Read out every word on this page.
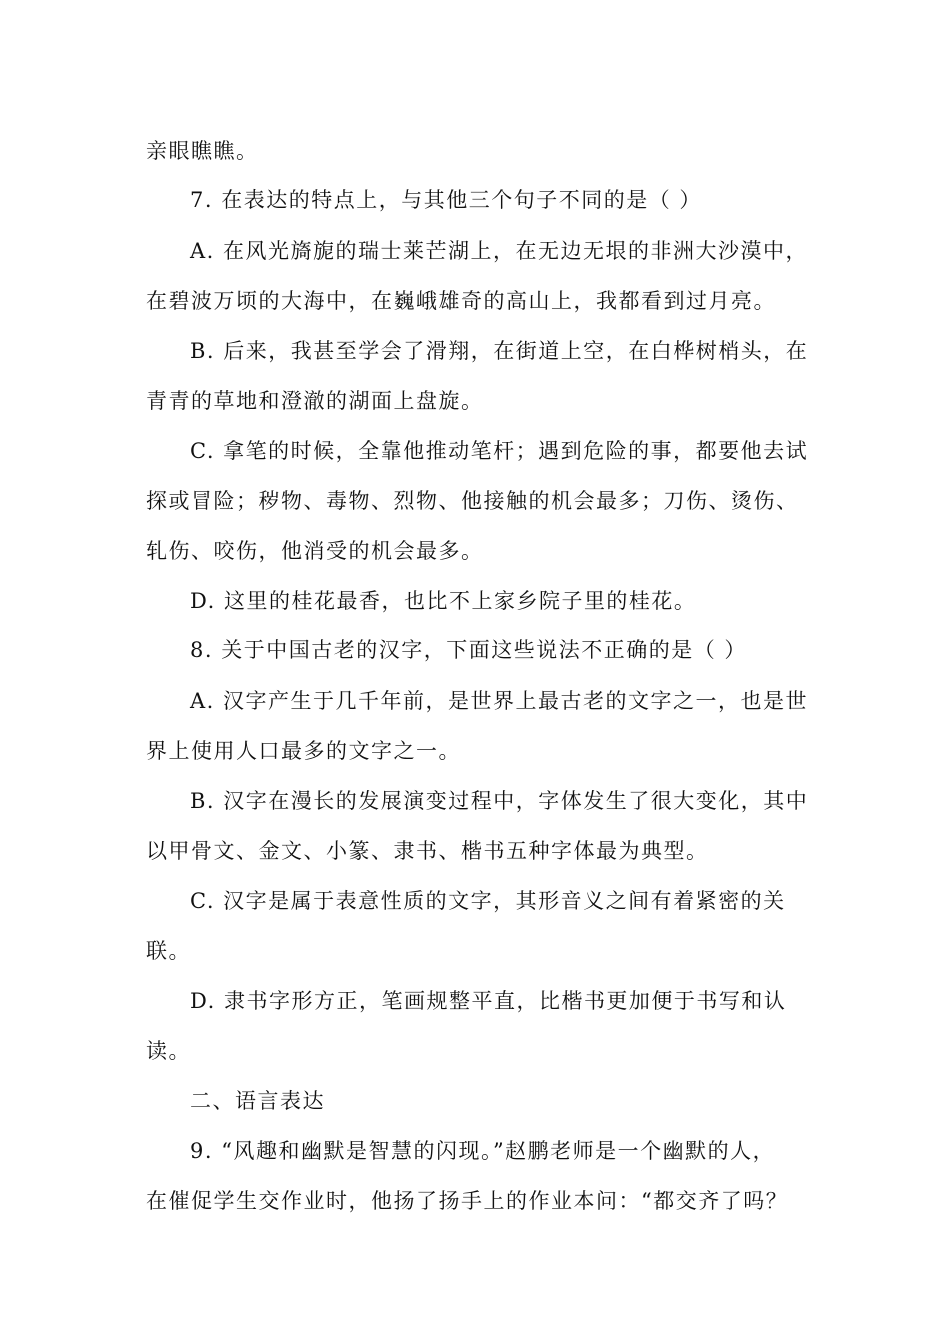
亲眼瞧瞧。
7. 在表达的特点上，与其他三个句子不同的是（ ）
A. 在风光旖旎的瑞士莱芒湖上，在无边无垠的非洲大沙漠中，
在碧波万顷的大海中，在巍峨雄奇的高山上，我都看到过月亮。
B. 后来，我甚至学会了滑翔，在街道上空，在白桦树梢头，在
青青的草地和澄澈的湖面上盘旋。
C. 拿笔的时候，全靠他推动笔杆；遇到危险的事，都要他去试
探或冒险；秽物、毒物、烈物、他接触的机会最多；刀伤、烫伤、
轧伤、咬伤，他消受的机会最多。
D. 这里的桂花最香，也比不上家乡院子里的桂花。
8. 关于中国古老的汉字，下面这些说法不正确的是（ ）
A. 汉字产生于几千年前，是世界上最古老的文字之一，也是世
界上使用人口最多的文字之一。
B. 汉字在漫长的发展演变过程中，字体发生了很大变化，其中
以甲骨文、金文、小篆、隶书、楷书五种字体最为典型。
C. 汉字是属于表意性质的文字，其形音义之间有着紧密的关
联。
D. 隶书字形方正，笔画规整平直，比楷书更加便于书写和认
读。
二、语言表达
9. “风趣和幽默是智慧的闪现。”赵鹏老师是一个幽默的人，
在催促学生交作业时，他扬了扬手上的作业本问：“都交齐了吗？
